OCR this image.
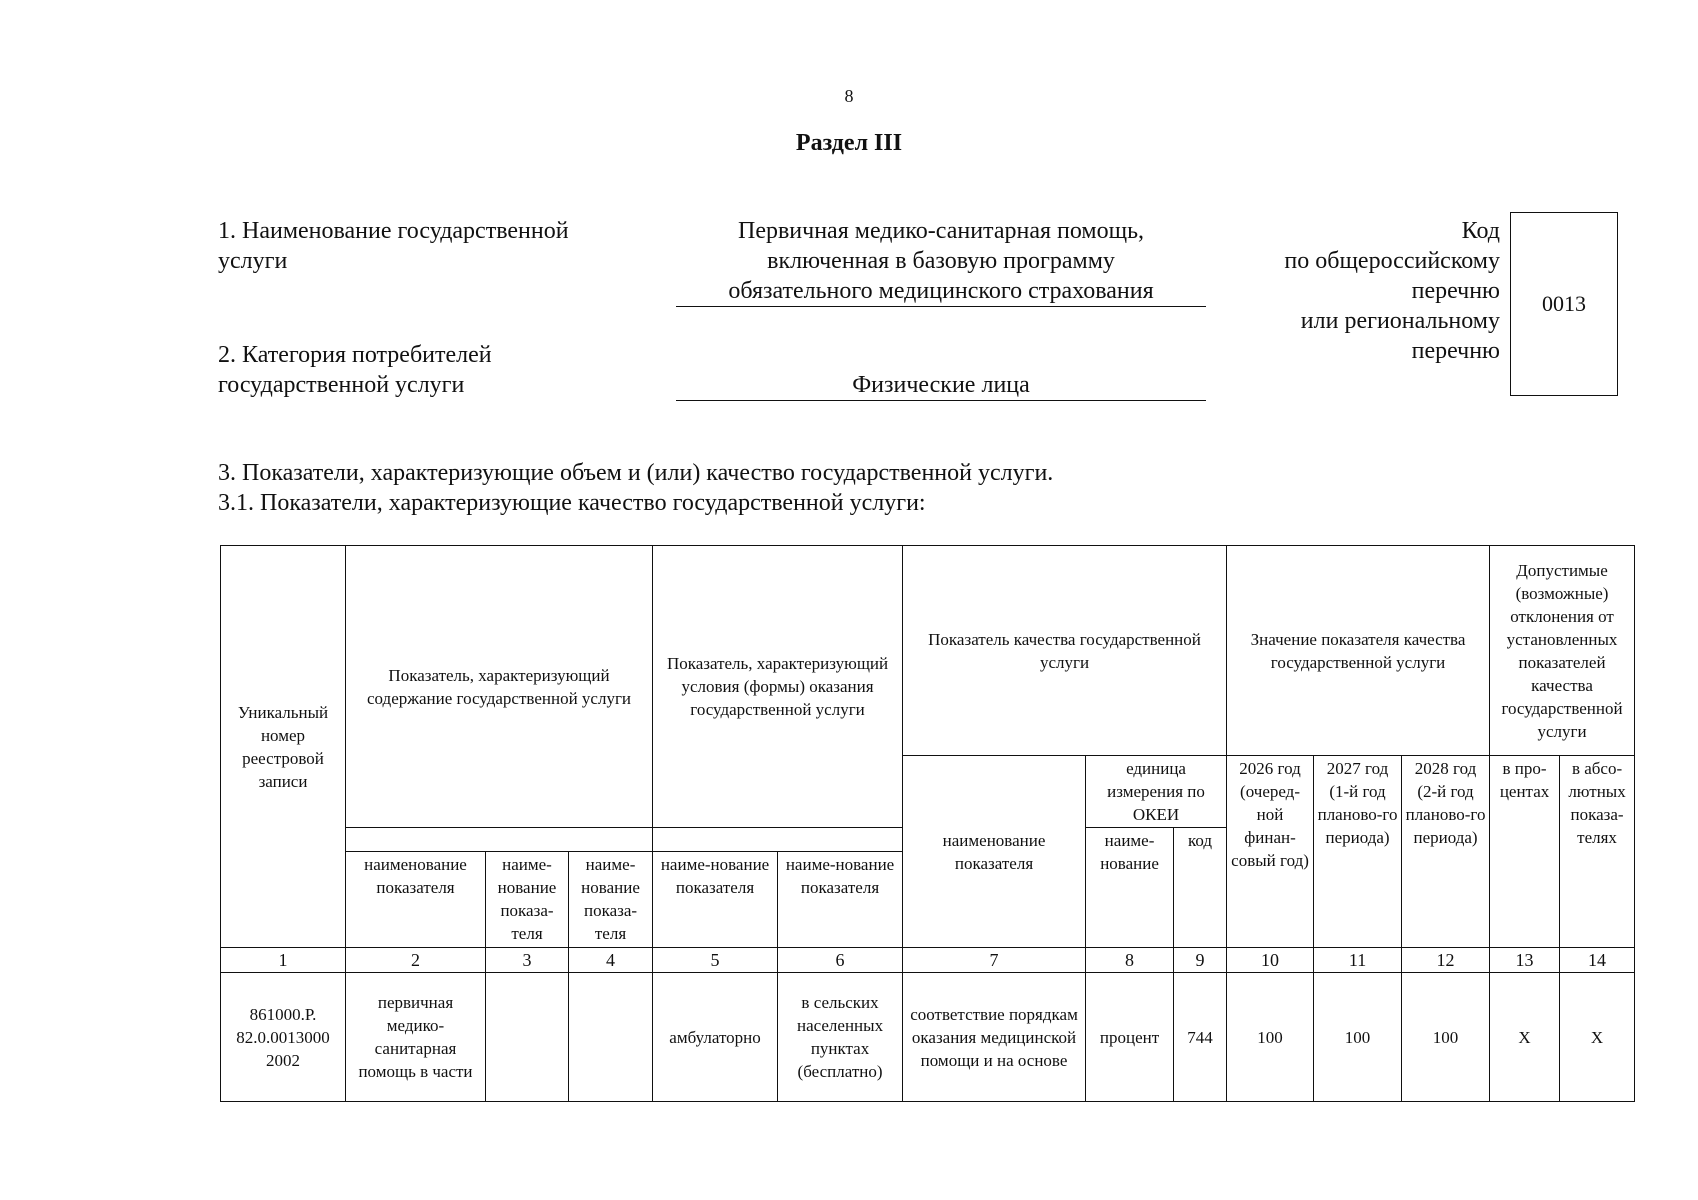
8
Раздел III
1. Наименование государственной
услуги
Первичная медико-санитарная помощь,
включенная в базовую программу
обязательного медицинского страхования
2. Категория потребителей
государственной услуги	Физические лица
Код
по общероссийскому
перечню
или региональному
перечню
0013
3. Показатели, характеризующие объем и (или) качество государственной услуги.
3.1. Показатели, характеризующие качество государственной услуги:
Уникальный номер реестровой записи	Показатель, характеризующий содержание государственной услуги			Показатель, характеризующий условия (формы) оказания государственной услуги		Показатель качества государственной услуги			Значение показателя качества государственной услуги			Допустимые (возможные) отклонения от установленных показателей качества государственной услуги	
						наименование показателя	единица измерения по ОКЕИ		2026 год (очеред-ной финан-совый год)	2027 год (1-й год планово-го периода)	2028 год (2-й год планово-го периода)	в про-центах	в абсо-лютных показа-телях
							наиме-нование	код					
	наименование показателя	наиме-нование показа-теля	наиме-нование показа-теля	наиме-нование показателя	наиме-нование показателя								
1	2	3	4	5	6	7	8	9	10	11	12	13	14
861000.Р. 82.0.0013000 2002	первичная медико-санитарная помощь в части			амбулаторно	в сельских населенных пунктах (бесплатно)	соответствие порядкам оказания медицинской помощи и на основе	процент	744	100	100	100	Х	Х
